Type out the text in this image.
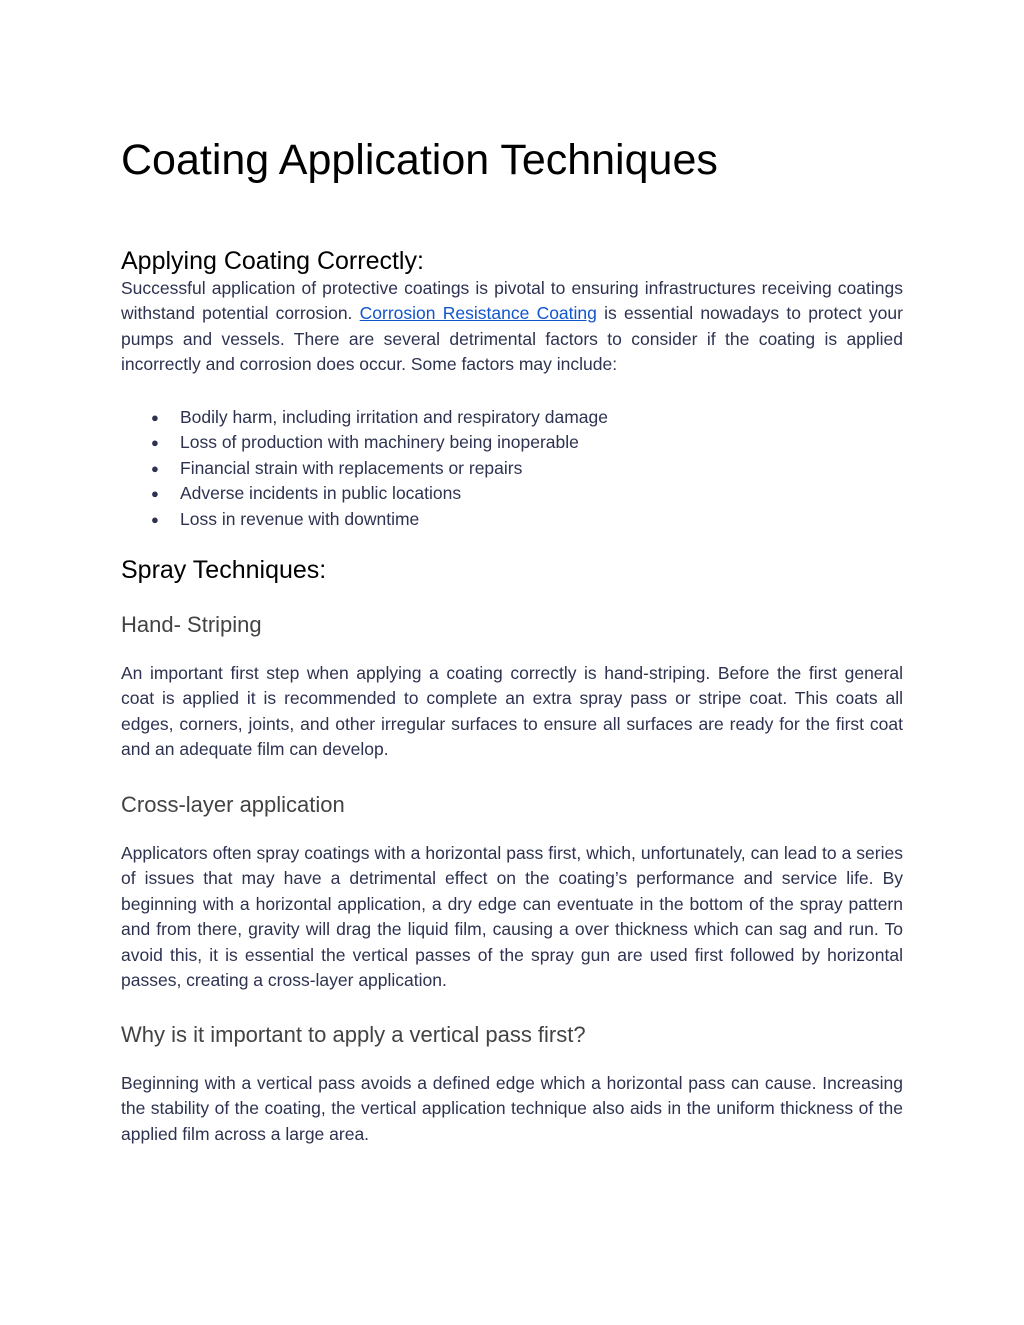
Coating Application Techniques
Applying Coating Correctly:

Successful application of protective coatings is pivotal to ensuring infrastructures receiving coatings withstand potential corrosion. Corrosion Resistance Coating is essential nowadays to protect your pumps and vessels. There are several detrimental factors to consider if the coating is applied incorrectly and corrosion does occur. Some factors may include:

● Bodily harm, including irritation and respiratory damage
● Loss of production with machinery being inoperable
● Financial strain with replacements or repairs
● Adverse incidents in public locations
● Loss in revenue with downtime
Spray Techniques:
Hand- Striping

An important first step when applying a coating correctly is hand-striping. Before the first general coat is applied it is recommended to complete an extra spray pass or stripe coat. This coats all edges, corners, joints, and other irregular surfaces to ensure all surfaces are ready for the first coat and an adequate film can develop.

Cross-layer application

Applicators often spray coatings with a horizontal pass first, which, unfortunately, can lead to a series of issues that may have a detrimental effect on the coating’s performance and service life. By beginning with a horizontal application, a dry edge can eventuate in the bottom of the spray pattern and from there, gravity will drag the liquid film, causing a over thickness which can sag and run. To avoid this, it is essential the vertical passes of the spray gun are used first followed by horizontal passes, creating a cross-layer application.

Why is it important to apply a vertical pass first?

Beginning with a vertical pass avoids a defined edge which a horizontal pass can cause. Increasing the stability of the coating, the vertical application technique also aids in the uniform thickness of the applied film across a large area.
